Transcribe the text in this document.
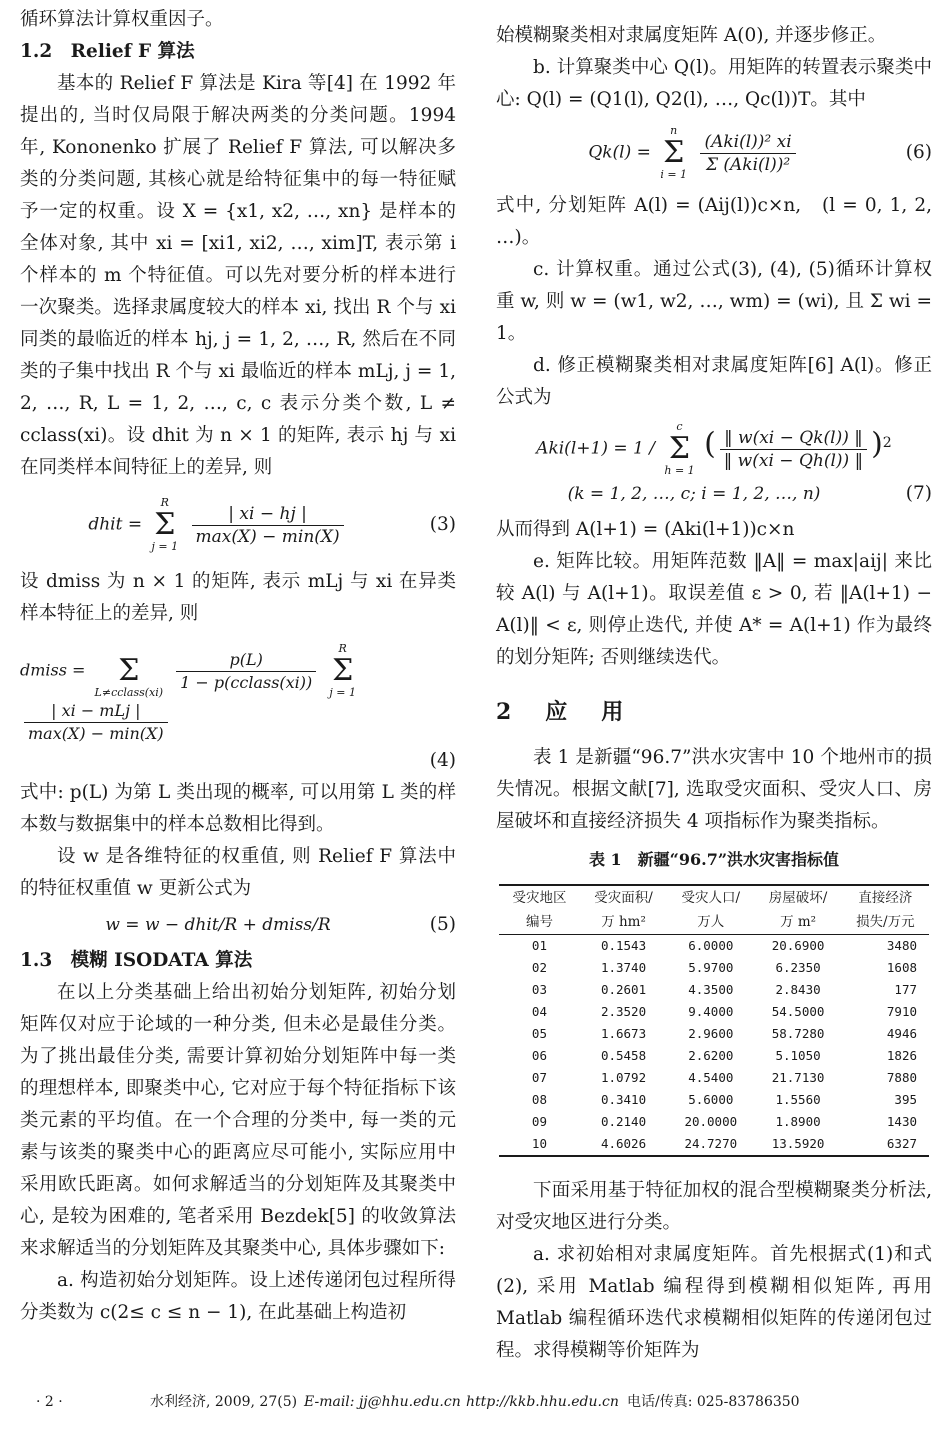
循环算法计算权重因子。

1.2　Relief F 算法

基本的 Relief F 算法是 Kira 等[4] 在 1992 年提出的, 当时仅局限于解决两类的分类问题。1994 年, Kononenko 扩展了 Relief F 算法, 可以解决多类的分类问题, 其核心就是给特征集中的每一特征赋予一定的权重。设 X = {x1, x2, …, xn} 是样本的全体对象, 其中 xi = [xi1, xi2, …, xim]T, 表示第 i 个样本的 m 个特征值。可以先对要分析的样本进行一次聚类。选择隶属度较大的样本 xi, 找出 R 个与 xi 同类的最临近的样本 hj, j = 1, 2, …, R, 然后在不同类的子集中找出 R 个与 xi 最临近的样本 mLj, j = 1, 2, …, R, L = 1, 2, …, c, c 表示分类个数, L ≠ cclass(xi)。设 dhit 为 n × 1 的矩阵, 表示 hj 与 xi 在同类样本间特征上的差异, 则

dhit =
R
Σ
j = 1
$\frac{| xi - hj |}{\max(X) - \min(X)}$	(3)

设 dmiss 为 n × 1 的矩阵, 表示 mLj 与 xi 在异类样本特征上的差异, 则

dmiss =	Σ
L≠cclass(xi)
$\frac{p(L)}{\text{1 − p(cclass(xi))}}$
	R
Σ
j = 1

$\frac{\text{| xi − mLj |}}{\max(X) - \min(X)}$
(4)

式中: p(L) 为第 L 类出现的概率, 可以用第 L 类的样本数与数据集中的样本总数相比得到。

设 w 是各维特征的权重值, 则 Relief F 算法中的特征权重值 w 更新公式为

w = w − dhit/R + dmiss/R	(5)

1.3　模糊 ISODATA 算法

在以上分类基础上给出初始分划矩阵, 初始分划矩阵仅对应于论域的一种分类, 但未必是最佳分类。为了挑出最佳分类, 需要计算初始分划矩阵中每一类的理想样本, 即聚类中心, 它对应于每个特征指标下该类元素的平均值。在一个合理的分类中, 每一类的元素与该类的聚类中心的距离应尽可能小, 实际应用中采用欧氏距离。如何求解适当的分划矩阵及其聚类中心, 是较为困难的, 笔者采用 Bezdek[5] 的收敛算法来求解适当的分划矩阵及其聚类中心, 具体步骤如下:

a. 构造初始分划矩阵。设上述传递闭包过程所得分类数为 c(2≤ c ≤ n − 1), 在此基础上构造初

始模糊聚类相对隶属度矩阵 A(0), 并逐步修正。

b. 计算聚类中心 Q(l)。用矩阵的转置表示聚类中心: Q(l) = (Q1(l), Q2(l), …, Qc(l))T。其中

Qk(l) =
n
Σ
i = 1
$\frac{\text{(Aki(l))² xi}}{\text{Σ (Aki(l))²}}$	(6)

式中, 分划矩阵 A(l) = (Aij(l))c×n,　(l = 0, 1, 2, …)。

c. 计算权重。通过公式(3), (4), (5)循环计算权重 w, 则 w = (w1, w2, …, wm) = (wi), 且 Σ wi = 1。

d. 修正模糊聚类相对隶属度矩阵[6] A(l)。修正公式为

Aki(l+1) = 1 /
c
Σ
h = 1
( $\frac{‖ w(xi - Qk(l)) ‖}{‖ w(xi - Qh(l)) ‖} )^2$
(k = 1, 2, …, c; i = 1, 2, …, n)	(7)

从而得到 A(l+1) = (Aki(l+1))c×n

e. 矩阵比较。用矩阵范数 ‖A‖ = max|aij| 来比较 A(l) 与 A(l+1)。取误差值 ε > 0, 若 ‖A(l+1) − A(l)‖ < ε, 则停止迭代, 并使 A* = A(l+1) 作为最终的划分矩阵; 否则继续迭代。

2　应　用

表 1 是新疆“96.7”洪水灾害中 10 个地州市的损失情况。根据文献[7], 选取受灾面积、受灾人口、房屋破坏和直接经济损失 4 项指标作为聚类指标。

表 1　新疆“96.7”洪水灾害指标值
受灾地区	受灾面积/	受灾人口/	房屋破坏/	直接经济
编号	万 hm²	万人	万 m²	损失/万元
01	0.1543	6.0000	20.6900	3480
02	1.3740	5.9700	6.2350	1608
03	0.2601	4.3500	2.8430	177
04	2.3520	9.4000	54.5000	7910
05	1.6673	2.9600	58.7280	4946
06	0.5458	2.6200	5.1050	1826
07	1.0792	4.5400	21.7130	7880
08	0.3410	5.6000	1.5560	395
09	0.2140	20.0000	1.8900	1430
10	4.6026	24.7270	13.5920	6327

下面采用基于特征加权的混合型模糊聚类分析法, 对受灾地区进行分类。

a. 求初始相对隶属度矩阵。首先根据式(1)和式(2), 采用 Matlab 编程得到模糊相似矩阵, 再用 Matlab 编程循环迭代求模糊相似矩阵的传递闭包过程。求得模糊等价矩阵为

· 2 ·	水利经济, 2009, 27(5) E-mail: jj@hhu.edu.cn http://kkb.hhu.edu.cn 电话/传真: 025-83786350
